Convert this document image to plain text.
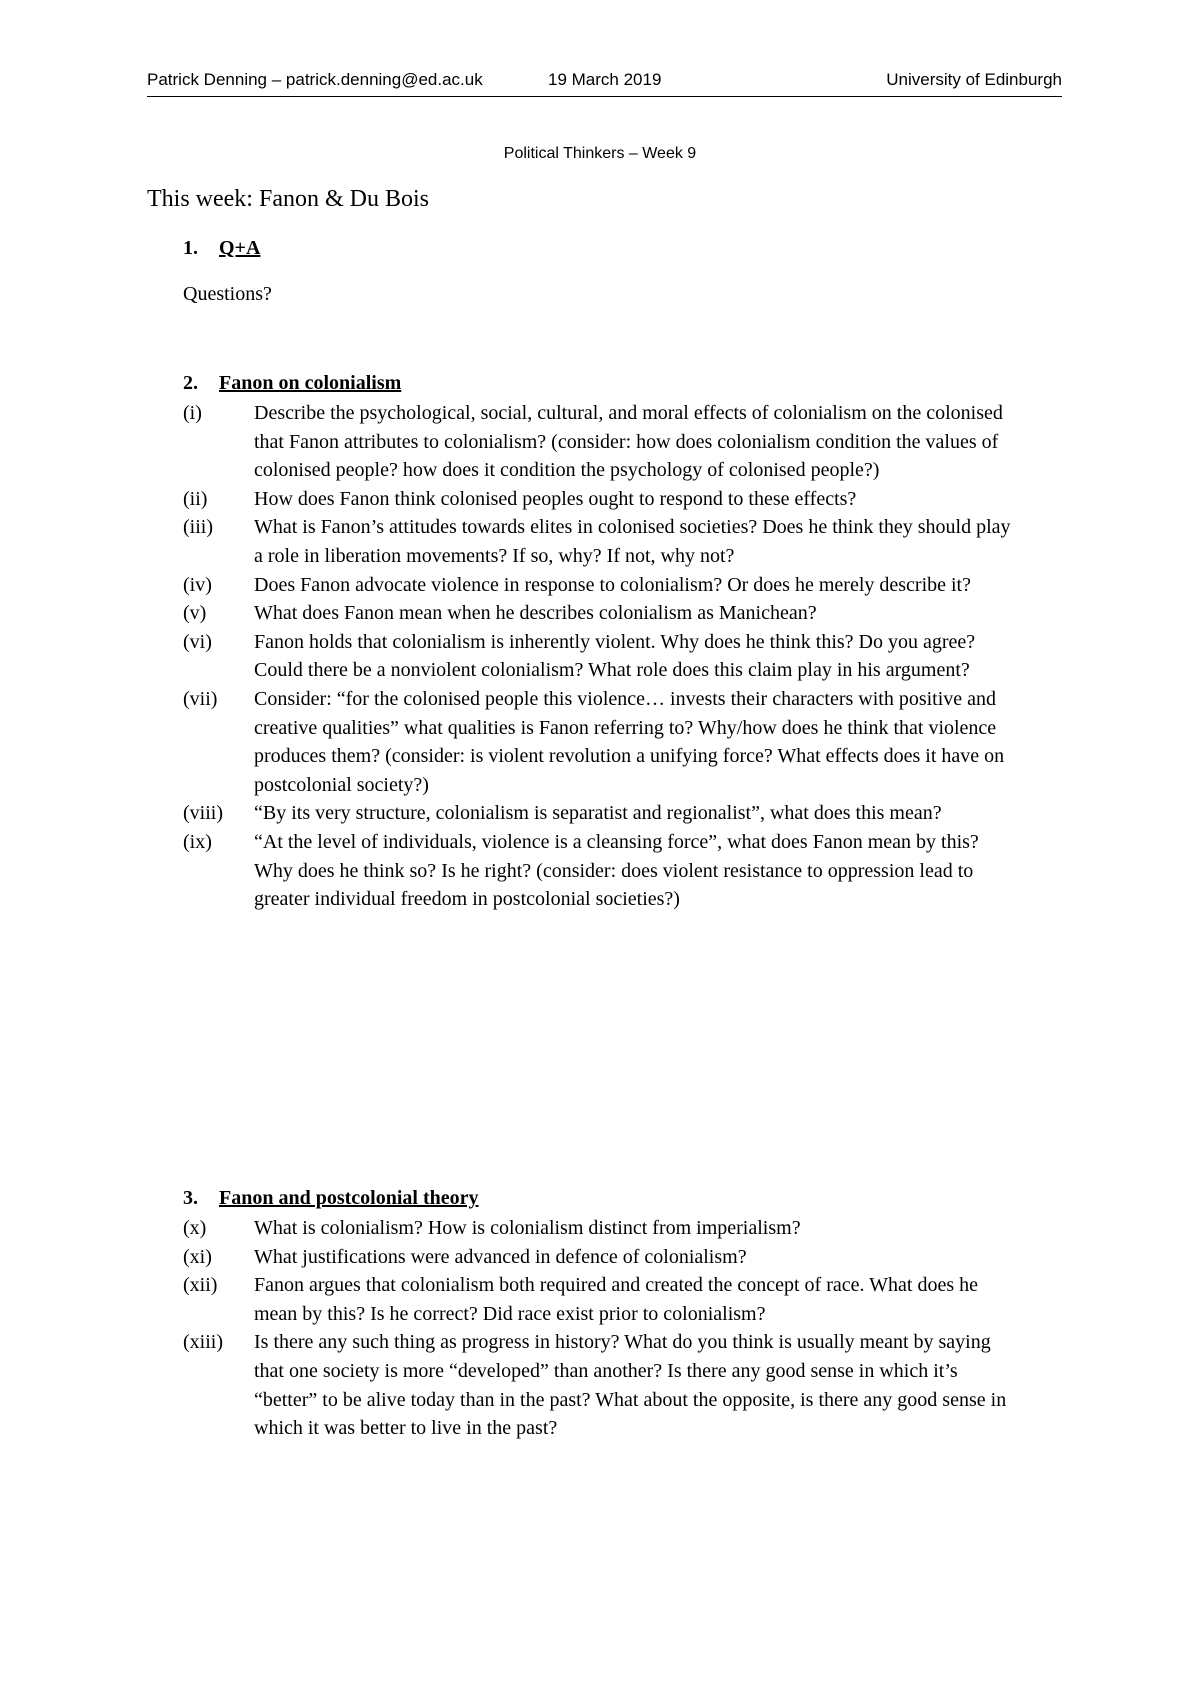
Patrick Denning – patrick.denning@ed.ac.uk	19 March 2019	University of Edinburgh
Political Thinkers – Week 9
This week: Fanon & Du Bois
1. Q+A
Questions?
2. Fanon on colonialism
(i)	Describe the psychological, social, cultural, and moral effects of colonialism on the colonised that Fanon attributes to colonialism? (consider: how does colonialism condition the values of colonised people? how does it condition the psychology of colonised people?)
(ii)	How does Fanon think colonised peoples ought to respond to these effects?
(iii)	What is Fanon’s attitudes towards elites in colonised societies? Does he think they should play a role in liberation movements? If so, why? If not, why not?
(iv)	Does Fanon advocate violence in response to colonialism? Or does he merely describe it?
(v)	What does Fanon mean when he describes colonialism as Manichean?
(vi)	Fanon holds that colonialism is inherently violent. Why does he think this? Do you agree? Could there be a nonviolent colonialism? What role does this claim play in his argument?
(vii)	Consider: “for the colonised people this violence… invests their characters with positive and creative qualities” what qualities is Fanon referring to? Why/how does he think that violence produces them? (consider: is violent revolution a unifying force? What effects does it have on postcolonial society?)
(viii)	“By its very structure, colonialism is separatist and regionalist”, what does this mean?
(ix)	“At the level of individuals, violence is a cleansing force”, what does Fanon mean by this? Why does he think so? Is he right? (consider: does violent resistance to oppression lead to greater individual freedom in postcolonial societies?)
3. Fanon and postcolonial theory
(x)	What is colonialism? How is colonialism distinct from imperialism?
(xi)	What justifications were advanced in defence of colonialism?
(xii)	Fanon argues that colonialism both required and created the concept of race. What does he mean by this? Is he correct? Did race exist prior to colonialism?
(xiii)	Is there any such thing as progress in history? What do you think is usually meant by saying that one society is more “developed” than another? Is there any good sense in which it’s “better” to be alive today than in the past? What about the opposite, is there any good sense in which it was better to live in the past?
